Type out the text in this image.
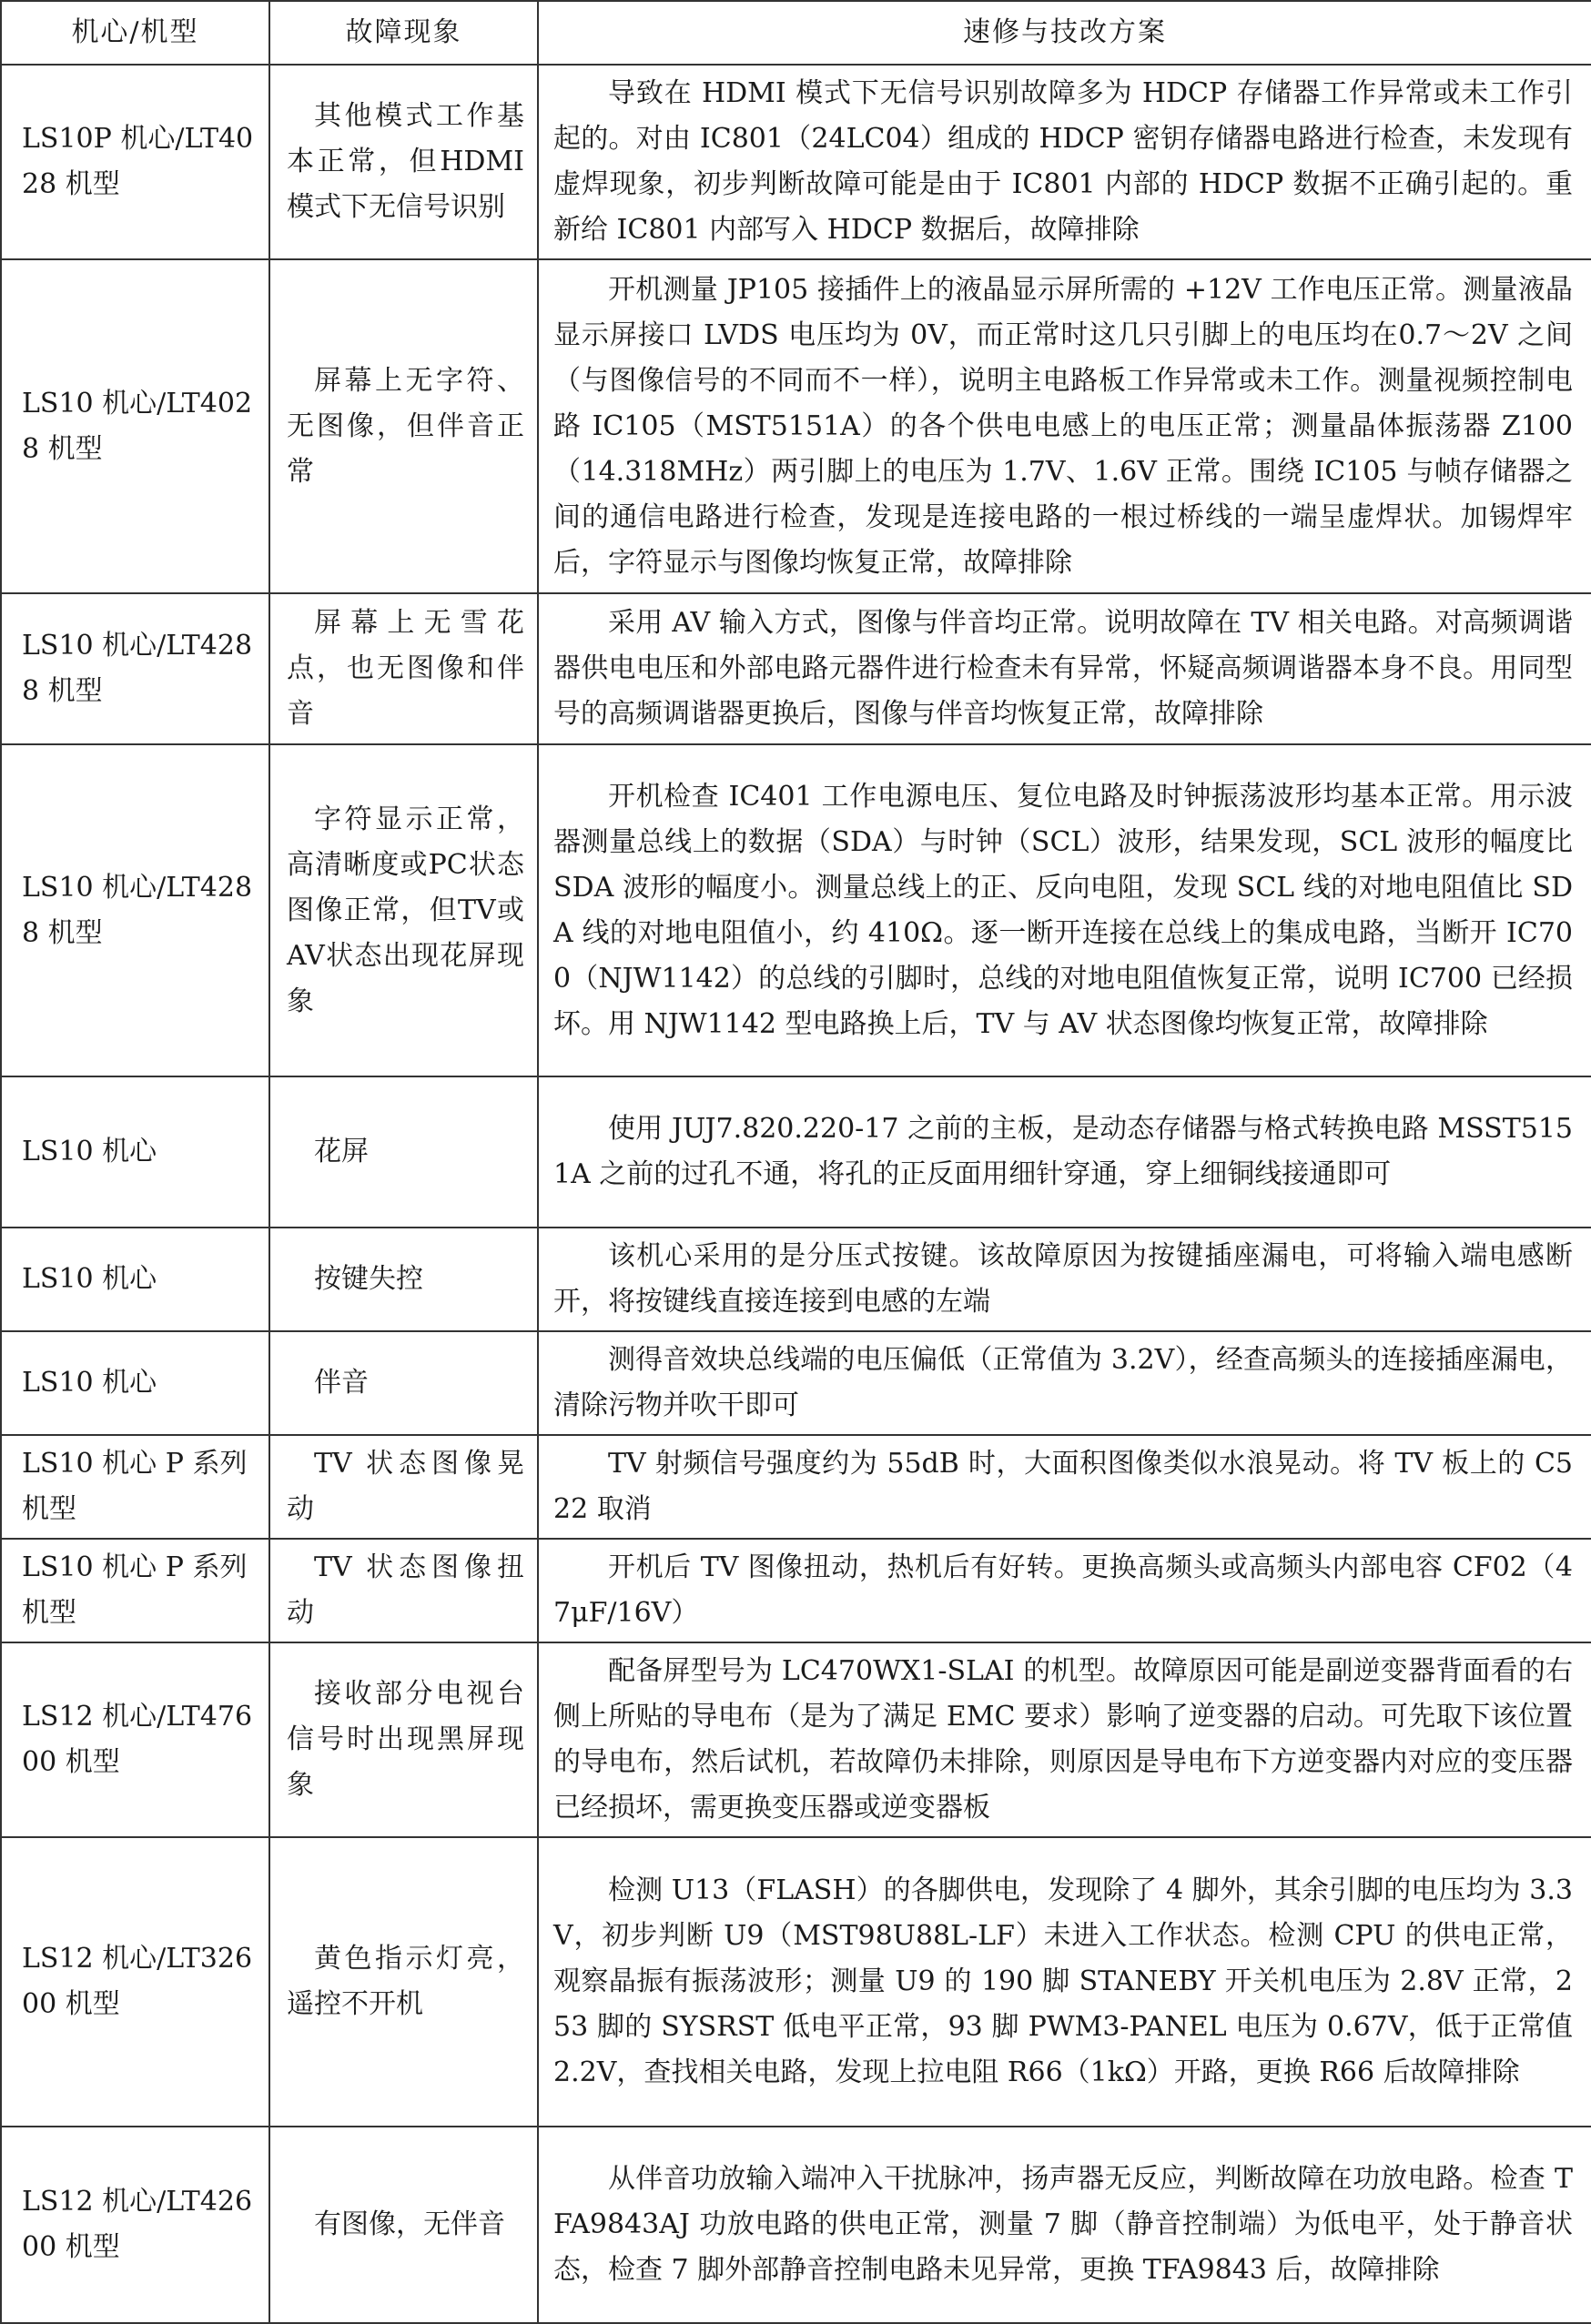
机心/机型	故障现象	速修与技改方案
LS10P 机心/LT4028 机型	其他模式工作基本正常，但HDMI模式下无信号识别	导致在 HDMI 模式下无信号识别故障多为 HDCP 存储器工作异常或未工作引起的。对由 IC801（24LC04）组成的 HDCP 密钥存储器电路进行检查，未发现有虚焊现象，初步判断故障可能是由于 IC801 内部的 HDCP 数据不正确引起的。重新给 IC801 内部写入 HDCP 数据后，故障排除
LS10 机心/LT4028 机型	屏幕上无字符、无图像，但伴音正常	开机测量 JP105 接插件上的液晶显示屏所需的 +12V 工作电压正常。测量液晶显示屏接口 LVDS 电压均为 0V，而正常时这几只引脚上的电压均在0.7～2V 之间（与图像信号的不同而不一样），说明主电路板工作异常或未工作。测量视频控制电路 IC105（MST5151A）的各个供电电感上的电压正常；测量晶体振荡器 Z100（14.318MHz）两引脚上的电压为 1.7V、1.6V 正常。围绕 IC105 与帧存储器之间的通信电路进行检查，发现是连接电路的一根过桥线的一端呈虚焊状。加锡焊牢后，字符显示与图像均恢复正常，故障排除
LS10 机心/LT4288 机型	屏幕上无雪花点，也无图像和伴音	采用 AV 输入方式，图像与伴音均正常。说明故障在 TV 相关电路。对高频调谐器供电电压和外部电路元器件进行检查未有异常，怀疑高频调谐器本身不良。用同型号的高频调谐器更换后，图像与伴音均恢复正常，故障排除
LS10 机心/LT4288 机型	字符显示正常，高清晰度或PC状态图像正常，但TV或AV状态出现花屏现象	开机检查 IC401 工作电源电压、复位电路及时钟振荡波形均基本正常。用示波器测量总线上的数据（SDA）与时钟（SCL）波形，结果发现，SCL 波形的幅度比 SDA 波形的幅度小。测量总线上的正、反向电阻，发现 SCL 线的对地电阻值比 SDA 线的对地电阻值小，约 410Ω。逐一断开连接在总线上的集成电路，当断开 IC700（NJW1142）的总线的引脚时，总线的对地电阻值恢复正常，说明 IC700 已经损坏。用 NJW1142 型电路换上后，TV 与 AV 状态图像均恢复正常，故障排除
LS10 机心	花屏	使用 JUJ7.820.220-17 之前的主板，是动态存储器与格式转换电路 MSST5151A 之前的过孔不通，将孔的正反面用细针穿通，穿上细铜线接通即可
LS10 机心	按键失控	该机心采用的是分压式按键。该故障原因为按键插座漏电，可将输入端电感断开，将按键线直接连接到电感的左端
LS10 机心	伴音	测得音效块总线端的电压偏低（正常值为 3.2V），经查高频头的连接插座漏电，清除污物并吹干即可
LS10 机心 P 系列机型	TV 状态图像晃动	TV 射频信号强度约为 55dB 时，大面积图像类似水浪晃动。将 TV 板上的 C522 取消
LS10 机心 P 系列机型	TV 状态图像扭动	开机后 TV 图像扭动，热机后有好转。更换高频头或高频头内部电容 CF02（47μF/16V）
LS12 机心/LT47600 机型	接收部分电视台信号时出现黑屏现象	配备屏型号为 LC470WX1-SLAI 的机型。故障原因可能是副逆变器背面看的右侧上所贴的导电布（是为了满足 EMC 要求）影响了逆变器的启动。可先取下该位置的导电布，然后试机，若故障仍未排除，则原因是导电布下方逆变器内对应的变压器已经损坏，需更换变压器或逆变器板
LS12 机心/LT32600 机型	黄色指示灯亮，遥控不开机	检测 U13（FLASH）的各脚供电，发现除了 4 脚外，其余引脚的电压均为 3.3V，初步判断 U9（MST98U88L-LF）未进入工作状态。检测 CPU 的供电正常，观察晶振有振荡波形；测量 U9 的 190 脚 STANEBY 开关机电压为 2.8V 正常，253 脚的 SYSRST 低电平正常，93 脚 PWM3-PANEL 电压为 0.67V，低于正常值 2.2V，查找相关电路，发现上拉电阻 R66（1kΩ）开路，更换 R66 后故障排除
LS12 机心/LT42600 机型	有图像，无伴音	从伴音功放输入端冲入干扰脉冲，扬声器无反应，判断故障在功放电路。检查 TFA9843AJ 功放电路的供电正常，测量 7 脚（静音控制端）为低电平，处于静音状态，检查 7 脚外部静音控制电路未见异常，更换 TFA9843 后，故障排除
